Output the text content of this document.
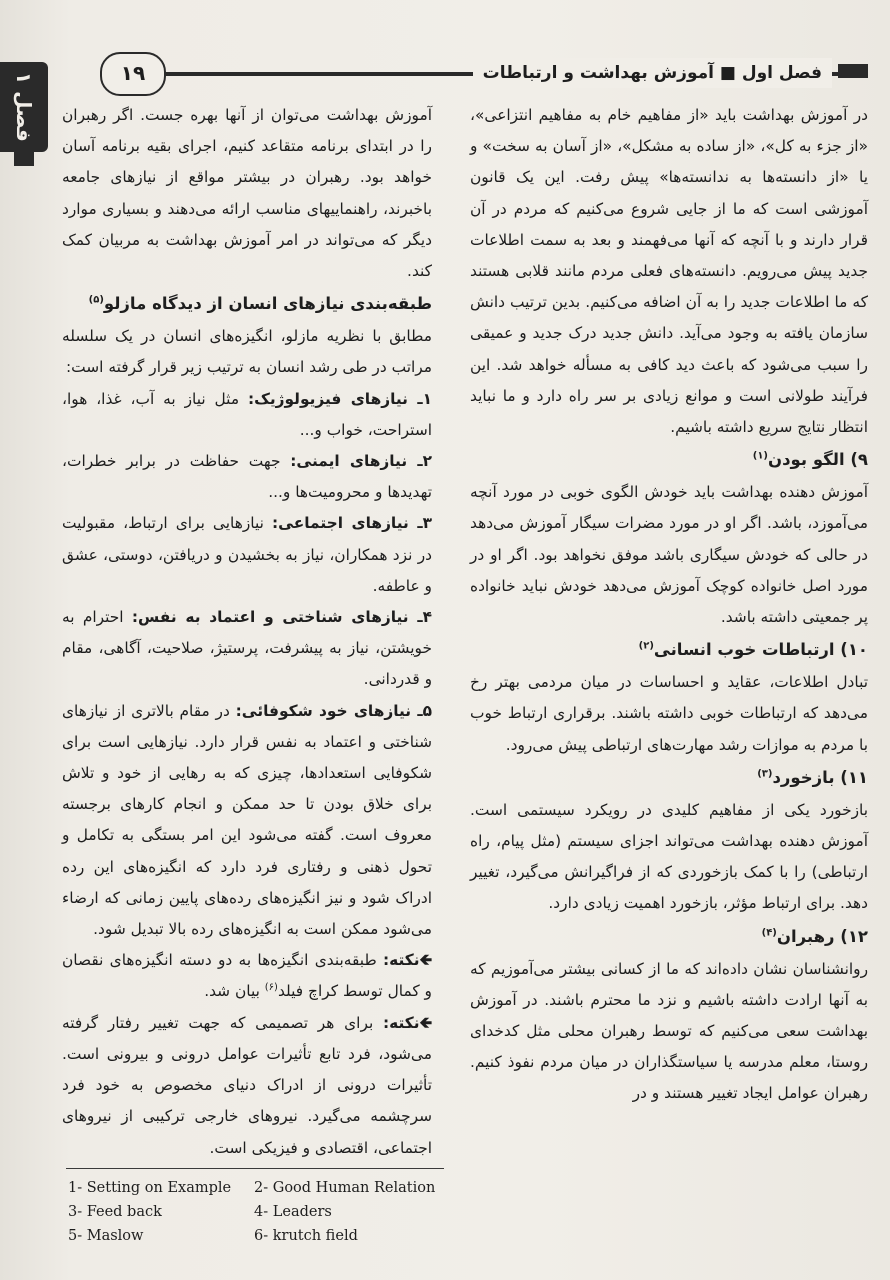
فصل اول ■ آموزش بهداشت و ارتباطات
۱۹
فصل ۱	در آموزش بهداشت باید «از مفاهیم خام به مفاهیم انتزاعی»، «از جزء به کل»، «از ساده به مشکل»، «از آسان به سخت» و یا «از دانسته‌ها به ندانسته‌ها» پیش رفت. این یک قانون آموزشی است که ما از جایی شروع می‌کنیم که مردم در آن قرار دارند و با آنچه که آنها می‌فهمند و بعد به سمت اطلاعات جدید پیش می‌رویم. دانسته‌های فعلی مردم مانند قلابی هستند که ما اطلاعات جدید را به آن اضافه می‌کنیم. بدین ترتیب دانش سازمان یافته به وجود می‌آید. دانش جدید درک جدید و عمیقی را سبب می‌شود که باعث دید کافی به مسأله خواهد شد. این فرآیند طولانی است و موانع زیادی بر سر راه دارد و ما نباید انتظار نتایج سریع داشته باشیم.

۹) الگو بودن$^{(۱)}$

آموزش دهنده بهداشت باید خودش الگوی خوبی در مورد آنچه می‌آموزد، باشد. اگر او در مورد مضرات سیگار آموزش می‌دهد در حالی که خودش سیگاری باشد موفق نخواهد بود. اگر او در مورد اصل خانواده کوچک آموزش می‌دهد خودش نباید خانواده پر جمعیتی داشته باشد.

۱۰) ارتباطات خوب انسانی$^{(۲)}$

تبادل اطلاعات، عقاید و احساسات در میان مردمی بهتر رخ می‌دهد که ارتباطات خوبی داشته باشند. برقراری ارتباط خوب با مردم به موازات رشد مهارت‌های ارتباطی پیش می‌رود.

۱۱) بازخورد$^{(۳)}$

بازخورد یکی از مفاهیم کلیدی در رویکرد سیستمی است. آموزش دهنده بهداشت می‌تواند اجزای سیستم (مثل پیام، راه ارتباطی) را با کمک بازخوردی که از فراگیرانش می‌گیرد، تغییر دهد. برای ارتباط مؤثر، بازخورد اهمیت زیادی دارد.

۱۲) رهبران$^{(۴)}$

روانشناسان نشان داده‌اند که ما از کسانی بیشتر می‌آموزیم که به آنها ارادت داشته باشیم و نزد ما محترم باشند. در آموزش بهداشت سعی می‌کنیم که توسط رهبران محلی مثل کدخدای روستا، معلم مدرسه یا سیاستگذاران در میان مردم نفوذ کنیم. رهبران عوامل ایجاد تغییر هستند و در

آموزش بهداشت می‌توان از آنها بهره جست. اگر رهبران را در ابتدای برنامه متقاعد کنیم، اجرای بقیه برنامه آسان خواهد بود. رهبران در بیشتر مواقع از نیازهای جامعه باخبرند، راهنماییهای مناسب ارائه می‌دهند و بسیاری موارد دیگر که می‌تواند در امر آموزش بهداشت به مربیان کمک کند.

طبقه‌بندی نیازهای انسان از دیدگاه مازلو$^{(۵)}$

مطابق با نظریه مازلو، انگیزه‌های انسان در یک سلسله مراتب در طی رشد انسان به ترتیب زیر قرار گرفته است:

۱ـ نیازهای فیزیولوژیک: مثل نیاز به آب، غذا، هوا، استراحت، خواب و...

۲ـ نیازهای ایمنی: جهت حفاظت در برابر خطرات، تهدیدها و محرومیت‌ها و...

۳ـ نیازهای اجتماعی: نیازهایی برای ارتباط، مقبولیت در نزد همکاران، نیاز به بخشیدن و دریافتن، دوستی، عشق و عاطفه.

۴ـ نیازهای شناختی و اعتماد به نفس: احترام به خویشتن، نیاز به پیشرفت، پرستیژ، صلاحیت، آگاهی، مقام و قدردانی.

۵ـ نیازهای خود شکوفائی: در مقام بالاتری از نیازهای شناختی و اعتماد به نفس قرار دارد. نیازهایی است برای شکوفایی استعدادها، چیزی که به رهایی از خود و تلاش برای خلاق بودن تا حد ممکن و انجام کارهای برجسته معروف است. گفته می‌شود این امر بستگی به تکامل و تحول ذهنی و رفتاری فرد دارد که انگیزه‌های این رده ادراک شود و نیز انگیزه‌های رده‌های پایین زمانی که ارضاء می‌شود ممکن است به انگیزه‌های رده بالا تبدیل شود.

🡸نکته: طبقه‌بندی انگیزه‌ها به دو دسته انگیزه‌های نقصان و کمال توسط کراچ فیلد$^{(۶)}$ بیان شد.

🡸نکته: برای هر تصمیمی که جهت تغییر رفتار گرفته می‌شود، فرد تابع تأثیرات عوامل درونی و بیرونی است. تأثیرات درونی از ادراک دنیای مخصوص به خود فرد سرچشمه می‌گیرد. نیروهای خارجی ترکیبی از نیروهای اجتماعی، اقتصادی و فیزیکی است.

1- Setting on Example	2- Good Human Relation
3- Feed back	4- Leaders
5- Maslow	6- krutch field
